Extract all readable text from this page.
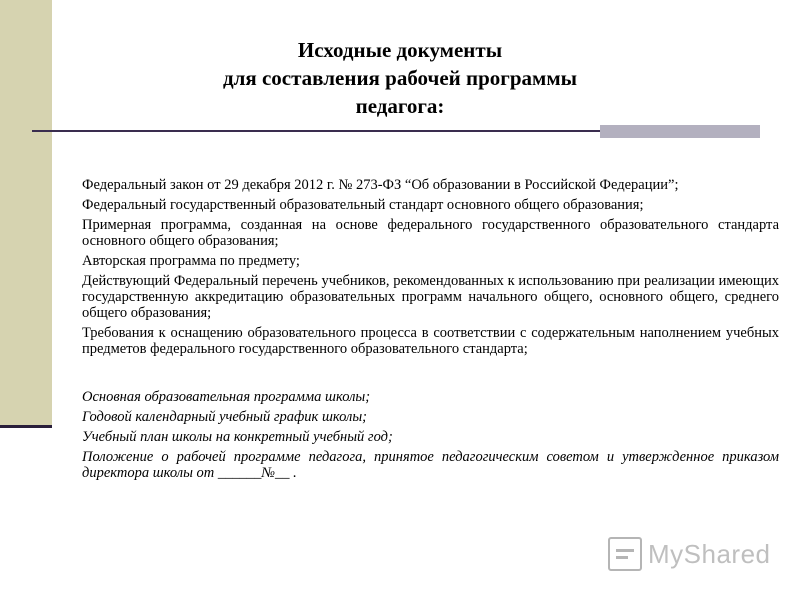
Исходные документы
для составления рабочей программы
педагога:

Федеральный закон от 29 декабря 2012 г. № 273-ФЗ “Об образовании в Российской Федерации”;

Федеральный государственный образовательный стандарт основного общего образования;

Примерная программа, созданная на основе федерального государственного образовательного стандарта основного общего образования;

Авторская программа по предмету;

Действующий Федеральный перечень учебников, рекомендованных к использованию при реализации имеющих государственную аккредитацию образовательных программ начального общего, основного общего, среднего общего образования;

Требования к оснащению образовательного процесса в соответствии с содержательным наполнением учебных предметов федерального государственного образовательного стандарта;

Основная образовательная программа школы;

Годовой календарный учебный график школы;

Учебный план школы на конкретный учебный год;

Положение о рабочей программе педагога, принятое педагогическим советом и утвержденное приказом директора школы от ______№__ .

MyShared
